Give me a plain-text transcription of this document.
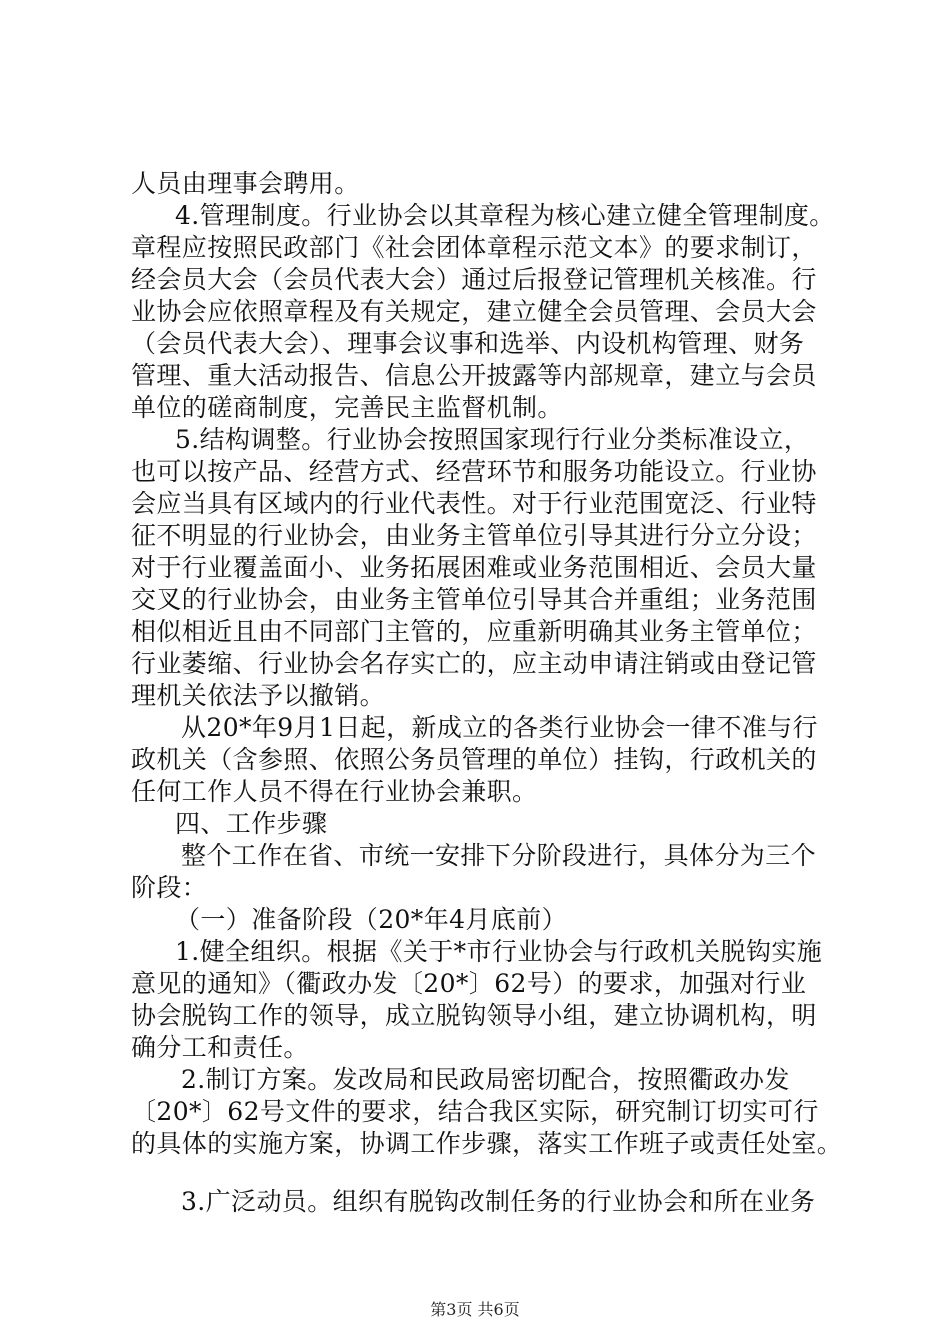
人员由理事会聘用。
4.管理制度。行业协会以其章程为核心建立健全管理制度。
章程应按照民政部门《社会团体章程示范文本》的要求制订，
经会员大会（会员代表大会）通过后报登记管理机关核准。行
业协会应依照章程及有关规定，建立健全会员管理、会员大会
（会员代表大会）、理事会议事和选举、内设机构管理、财务
管理、重大活动报告、信息公开披露等内部规章，建立与会员
单位的磋商制度，完善民主监督机制。
5.结构调整。行业协会按照国家现行行业分类标准设立，
也可以按产品、经营方式、经营环节和服务功能设立。行业协
会应当具有区域内的行业代表性。对于行业范围宽泛、行业特
征不明显的行业协会，由业务主管单位引导其进行分立分设；
对于行业覆盖面小、业务拓展困难或业务范围相近、会员大量
交叉的行业协会，由业务主管单位引导其合并重组；业务范围
相似相近且由不同部门主管的，应重新明确其业务主管单位；
行业萎缩、行业协会名存实亡的，应主动申请注销或由登记管
理机关依法予以撤销。
从20*年9月1日起，新成立的各类行业协会一律不准与行
政机关（含参照、依照公务员管理的单位）挂钩，行政机关的
任何工作人员不得在行业协会兼职。
四、工作步骤
整个工作在省、市统一安排下分阶段进行，具体分为三个
阶段：
（一）准备阶段（20*年4月底前）
1.健全组织。根据《关于*市行业协会与行政机关脱钩实施
意见的通知》（衢政办发〔20*〕62号）的要求，加强对行业
协会脱钩工作的领导，成立脱钩领导小组，建立协调机构，明
确分工和责任。
2.制订方案。发改局和民政局密切配合，按照衢政办发
〔20*〕62号文件的要求，结合我区实际，研究制订切实可行
的具体的实施方案，协调工作步骤，落实工作班子或责任处室。
3.广泛动员。组织有脱钩改制任务的行业协会和所在业务
第3页 共6页
